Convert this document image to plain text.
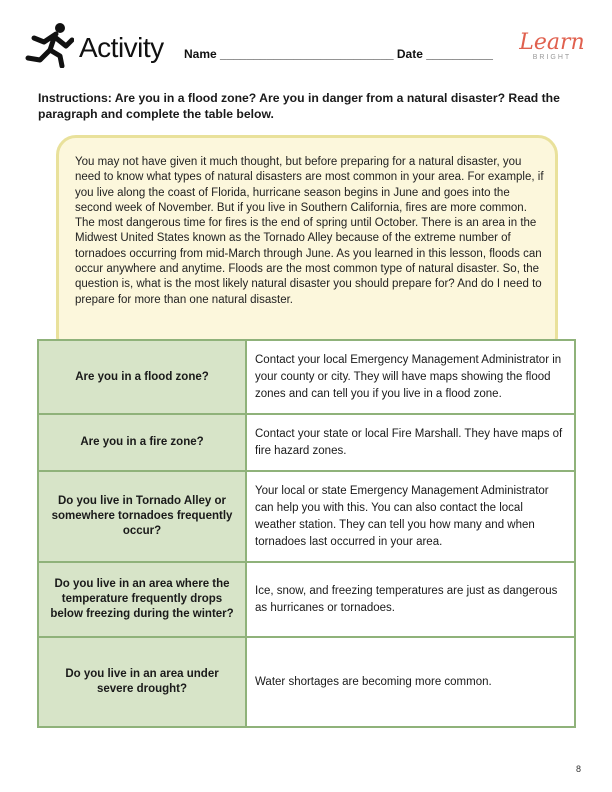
Activity Name __________________________ Date __________ Learn
BRIGHT
Instructions: Are you in a flood zone? Are you in danger from a natural disaster? Read the paragraph and complete the table below.
You may not have given it much thought, but before preparing for a natural disaster, you need to know what types of natural disasters are most common in your area. For example, if you live along the coast of Florida, hurricane season begins in June and goes into the second week of November. But if you live in Southern California, fires are more common. The most dangerous time for fires is the end of spring until October. There is an area in the Midwest United States known as the Tornado Alley because of the extreme number of tornadoes occurring from mid-March through June. As you learned in this lesson, floods can occur anywhere and anytime. Floods are the most common type of natural disaster. So, the question is, what is the most likely natural disaster you should prepare for? And do I need to prepare for more than one natural disaster.
Are you in a flood zone?
Contact your local Emergency Management Administrator in your county or city. They will have maps showing the flood zones and can tell you if you live in a flood zone.
Are you in a fire zone?
Contact your state or local Fire Marshall. They have maps of fire hazard zones.
Do you live in Tornado Alley or somewhere tornadoes frequently occur?
Your local or state Emergency Management Administrator can help you with this. You can also contact the local weather station. They can tell you how many and when tornadoes last occurred in your area.
Do you live in an area where the temperature frequently drops below freezing during the winter?
Ice, snow, and freezing temperatures are just as dangerous as hurricanes or tornadoes.
Do you live in an area under severe drought?
Water shortages are becoming more common.
8
